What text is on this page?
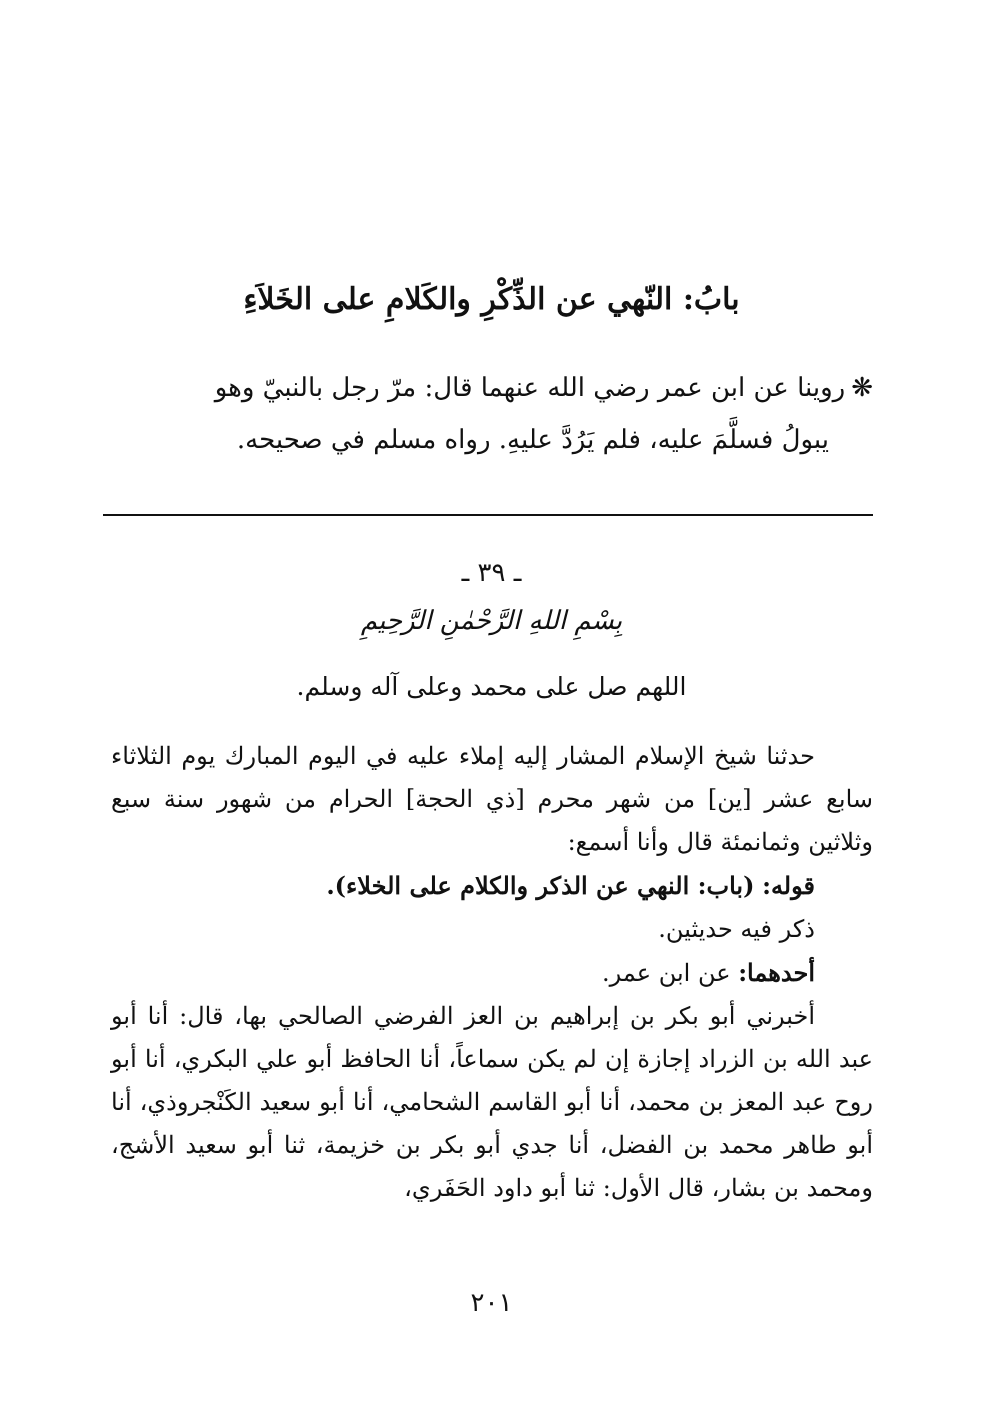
بابُ: النّهي عن الذِّكْرِ والكَلامِ على الخَلاَءِ
❋روينا عن ابن عمر رضي الله عنهما قال: مرّ رجل بالنبيّ وهو
يبولُ فسلَّمَ عليه، فلم يَرُدَّ عليهِ. رواه مسلم في صحيحه.
ـ ٣٩ ـ
بِسْمِ اللهِ الرَّحْمٰنِ الرَّحِيمِ
اللهم صل على محمد وعلى آله وسلم.

حدثنا شيخ الإسلام المشار إليه إملاء عليه في اليوم المبارك يوم الثلاثاء سابع عشر [ين] من شهر محرم [ذي الحجة] الحرام من شهور سنة سبع وثلاثين وثمانمئة قال وأنا أسمع:

قوله: (باب: النهي عن الذكر والكلام على الخلاء).

ذكر فيه حديثين.

أحدهما: عن ابن عمر.

أخبرني أبو بكر بن إبراهيم بن العز الفرضي الصالحي بها، قال: أنا أبو عبد الله بن الزراد إجازة إن لم يكن سماعاً، أنا الحافظ أبو علي البكري، أنا أبو روح عبد المعز بن محمد، أنا أبو القاسم الشحامي، أنا أبو سعيد الكَنْجروذي، أنا أبو طاهر محمد بن الفضل، أنا جدي أبو بكر بن خزيمة، ثنا أبو سعيد الأشج، ومحمد بن بشار، قال الأول: ثنا أبو داود الحَفَري،

٢٠١
